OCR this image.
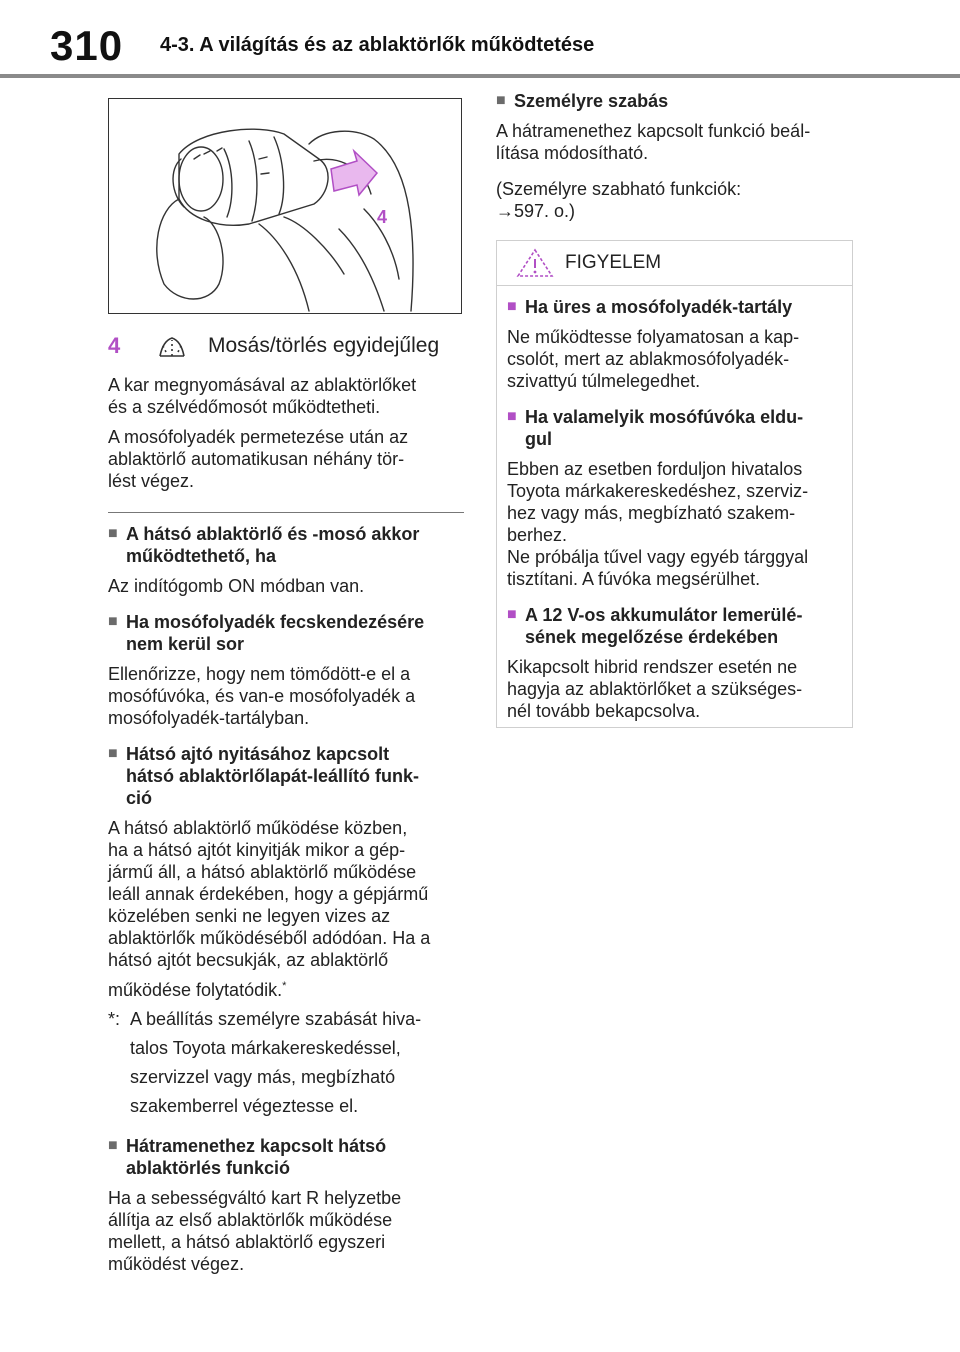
310 4-3. A világítás és az ablaktörlők működtetése
4
4	Mosás/törlés egyidejűleg

A kar megnyomásával az ablaktörlőket
és a szélvédőmosót működtetheti.

A mosófolyadék permetezése után az
ablaktörlő automatikusan néhány tör-
lést végez.

■ A hátsó ablaktörlő és -mosó akkor
működtethető, ha

Az indítógomb ON módban van.

■ Ha mosófolyadék fecskendezésére
nem kerül sor

Ellenőrizze, hogy nem tömődött-e el a
mosófúvóka, és van-e mosófolyadék a
mosófolyadék-tartályban.

■ Hátsó ajtó nyitásához kapcsolt
hátsó ablaktörlőlapát-leállító funk-
ció

A hátsó ablaktörlő működése közben,
ha a hátsó ajtót kinyitják mikor a gép-
jármű áll, a hátsó ablaktörlő működése
leáll annak érdekében, hogy a gépjármű
közelében senki ne legyen vizes az
ablaktörlők működéséből adódóan. Ha a
hátsó ajtót becsukják, az ablaktörlő

működése folytatódik.*

*: A beállítás személyre szabását hiva-
talos Toyota márkakereskedéssel,
szervizzel vagy más, megbízható
szakemberrel végeztesse el.
■ Hátramenethez kapcsolt hátsó
ablaktörlés funkció

Ha a sebességváltó kart R helyzetbe
állítja az első ablaktörlők működése
mellett, a hátsó ablaktörlő egyszeri
működést végez.

■ Személyre szabás

A hátramenethez kapcsolt funkció beál-
lítása módosítható.

(Személyre szabható funkciók:
→597. o.)

FIGYELEM
■ Ha üres a mosófolyadék-tartály

Ne működtesse folyamatosan a kap-
csolót, mert az ablakmosófolyadék-
szivattyú túlmelegedhet.

■ Ha valamelyik mosófúvóka eldu-
gul

Ebben az esetben forduljon hivatalos
Toyota márkakereskedéshez, szerviz-
hez vagy más, megbízható szakem-
berhez.
Ne próbálja tűvel vagy egyéb tárggyal
tisztítani. A fúvóka megsérülhet.

■ A 12 V-os akkumulátor lemerülé-
sének megelőzése érdekében

Kikapcsolt hibrid rendszer esetén ne
hagyja az ablaktörlőket a szükséges-
nél tovább bekapcsolva.
